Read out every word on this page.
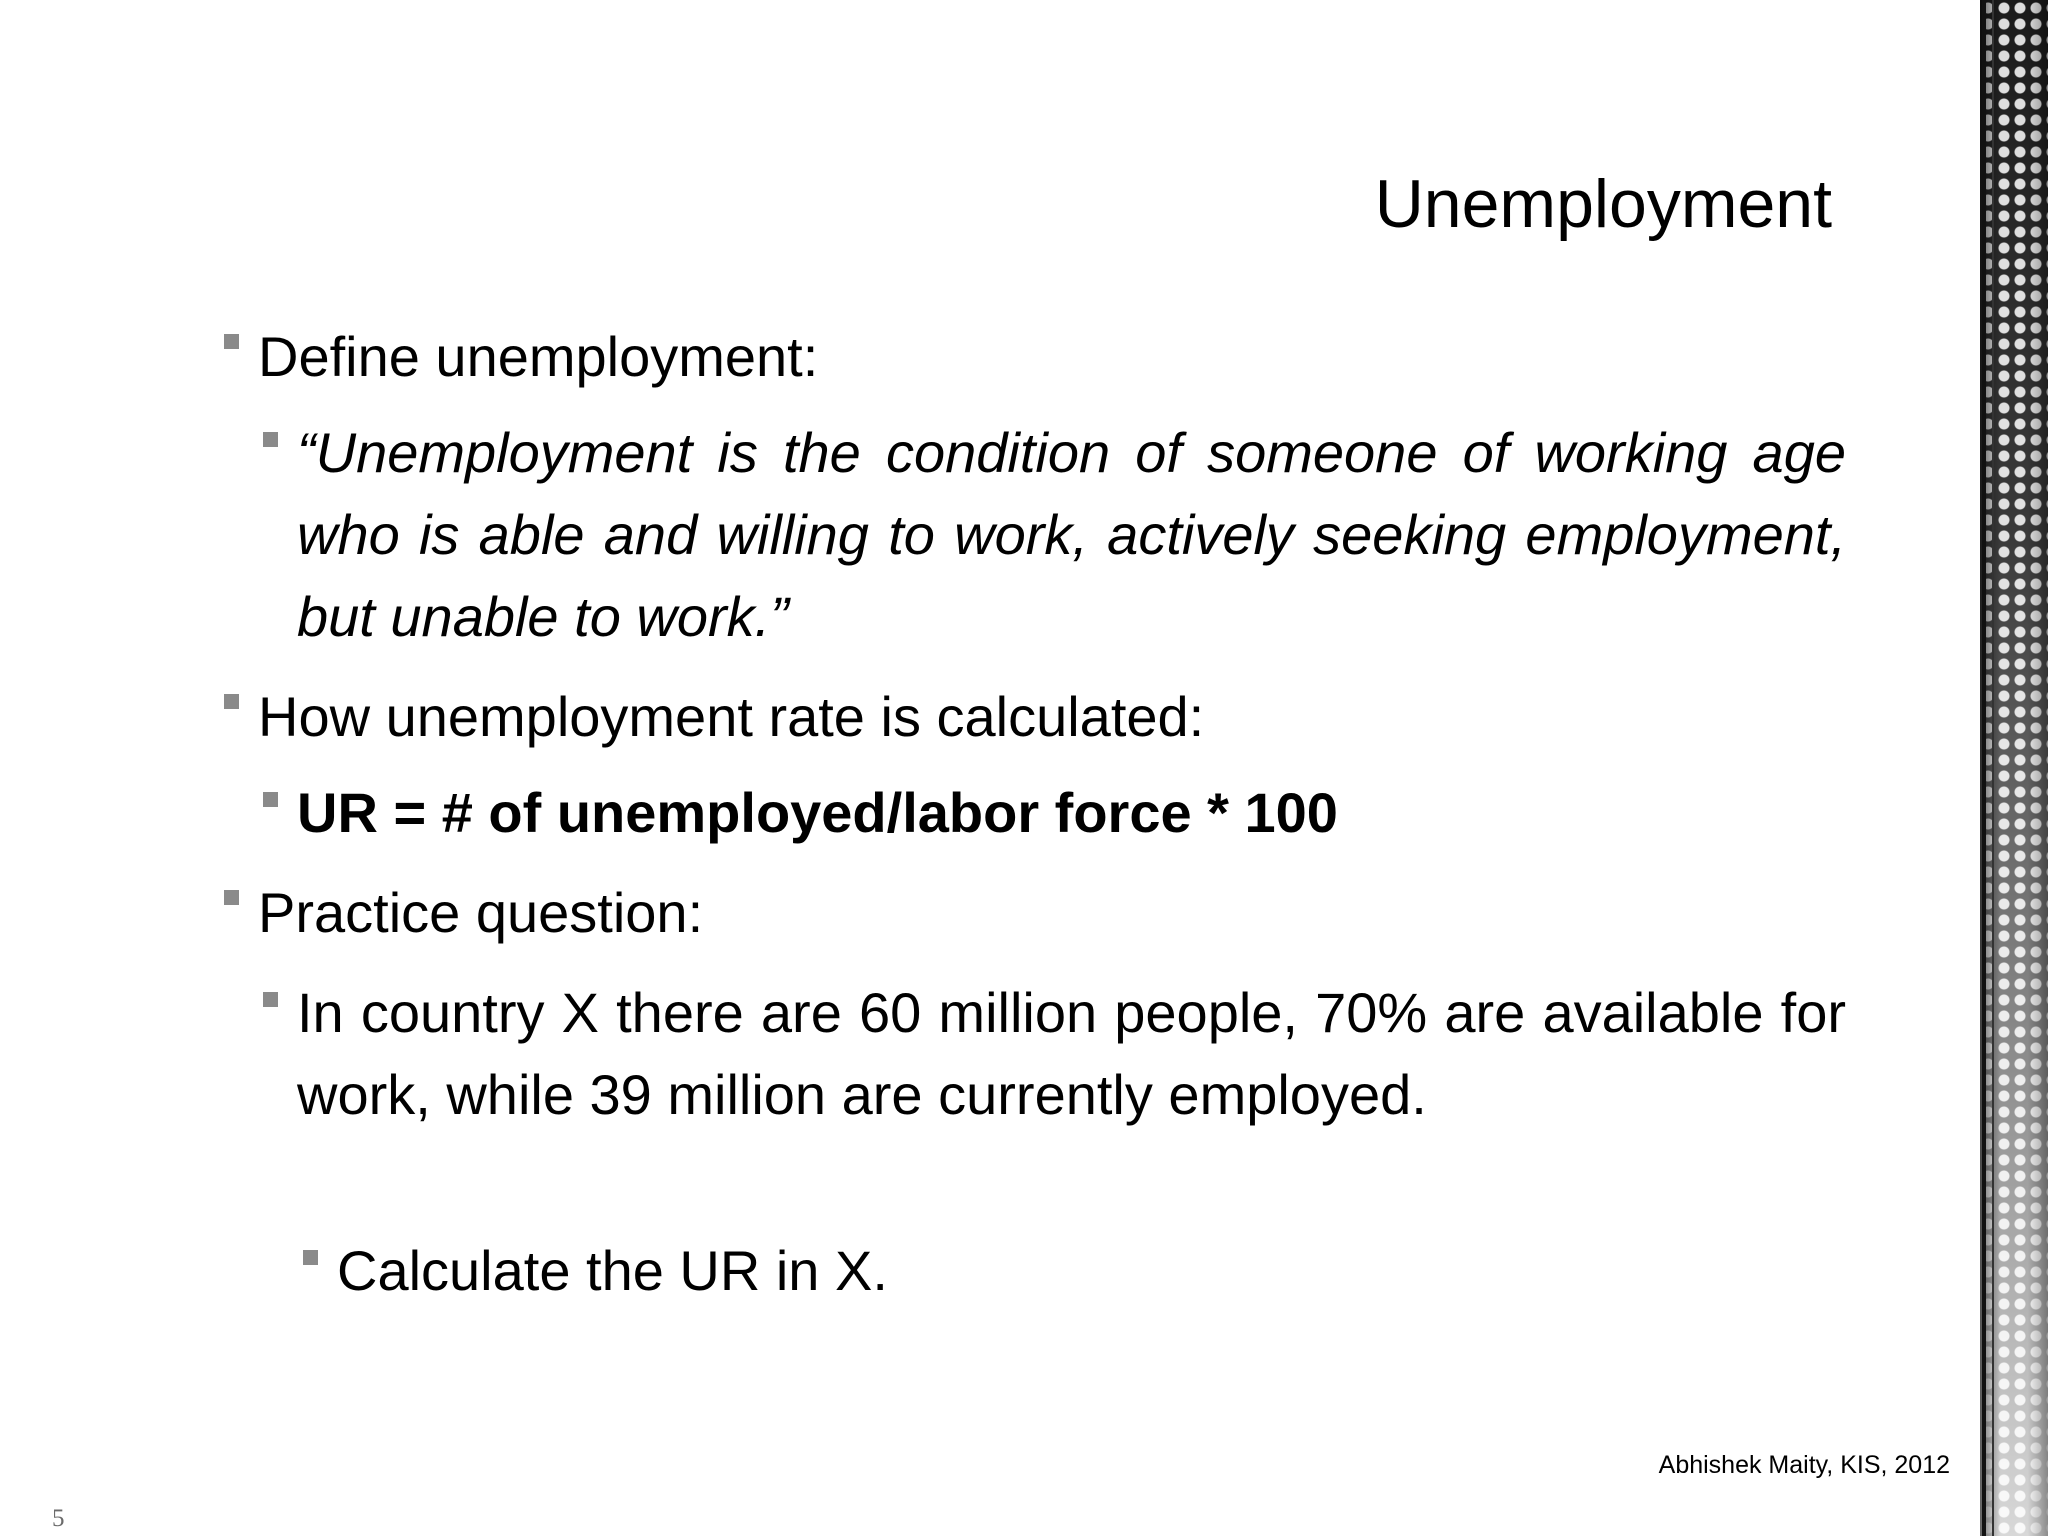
Unemployment
Define unemployment:
“Unemployment is the condition of someone of working age who is able and willing to work, actively seeking employment, but unable to work.”
How unemployment rate is calculated:
UR = # of unemployed/labor force * 100
Practice question:
In country X there are 60 million people, 70% are available for work, while 39 million are currently employed.
Calculate the UR in X.
Abhishek Maity, KIS, 2012
5
